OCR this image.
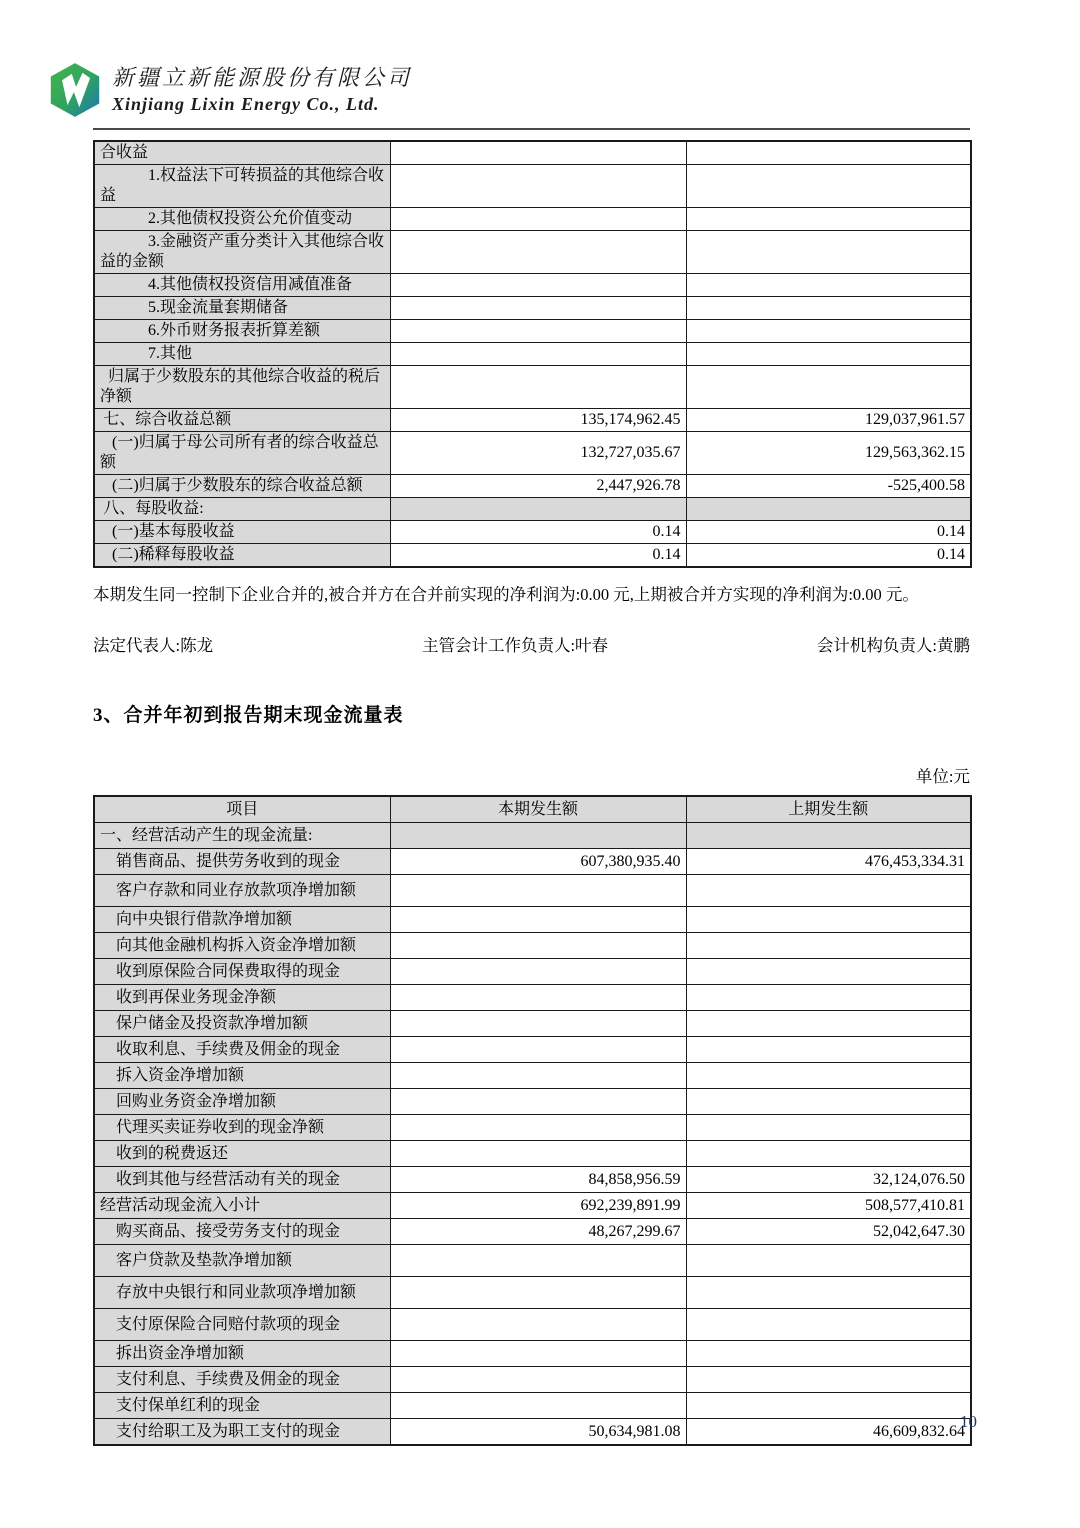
新疆立新能源股份有限公司
Xinjiang Lixin Energy Co., Ltd.
合收益		

1.权益法下可转损益的其他综合收益		

2.其他债权投资公允价值变动		

3.金融资产重分类计入其他综合收益的金额		

4.其他债权投资信用减值准备		

5.现金流量套期储备		

6.外币财务报表折算差额		

7.其他		

归属于少数股东的其他综合收益的税后净额		

七、综合收益总额	135,174,962.45	129,037,961.57

(一)归属于母公司所有者的综合收益总额	132,727,035.67	129,563,362.15

(二)归属于少数股东的综合收益总额	2,447,926.78	-525,400.58

八、每股收益:		

(一)基本每股收益	0.14	0.14

(二)稀释每股收益	0.14	0.14
本期发生同一控制下企业合并的,被合并方在合并前实现的净利润为:0.00 元,上期被合并方实现的净利润为:0.00 元。
法定代表人:陈龙	主管会计工作负责人:叶春	会计机构负责人:黄鹏
3、合并年初到报告期末现金流量表
单位:元
项目	本期发生额	上期发生额

一、经营活动产生的现金流量:		

销售商品、提供劳务收到的现金	607,380,935.40	476,453,334.31

客户存款和同业存放款项净增加额		

向中央银行借款净增加额		

向其他金融机构拆入资金净增加额		

收到原保险合同保费取得的现金		

收到再保业务现金净额		

保户储金及投资款净增加额		

收取利息、手续费及佣金的现金		

拆入资金净增加额		

回购业务资金净增加额		

代理买卖证券收到的现金净额		

收到的税费返还		

收到其他与经营活动有关的现金	84,858,956.59	32,124,076.50

经营活动现金流入小计	692,239,891.99	508,577,410.81

购买商品、接受劳务支付的现金	48,267,299.67	52,042,647.30

客户贷款及垫款净增加额		

存放中央银行和同业款项净增加额		

支付原保险合同赔付款项的现金		

拆出资金净增加额		

支付利息、手续费及佣金的现金		

支付保单红利的现金		

支付给职工及为职工支付的现金	50,634,981.08	46,609,832.64
10
